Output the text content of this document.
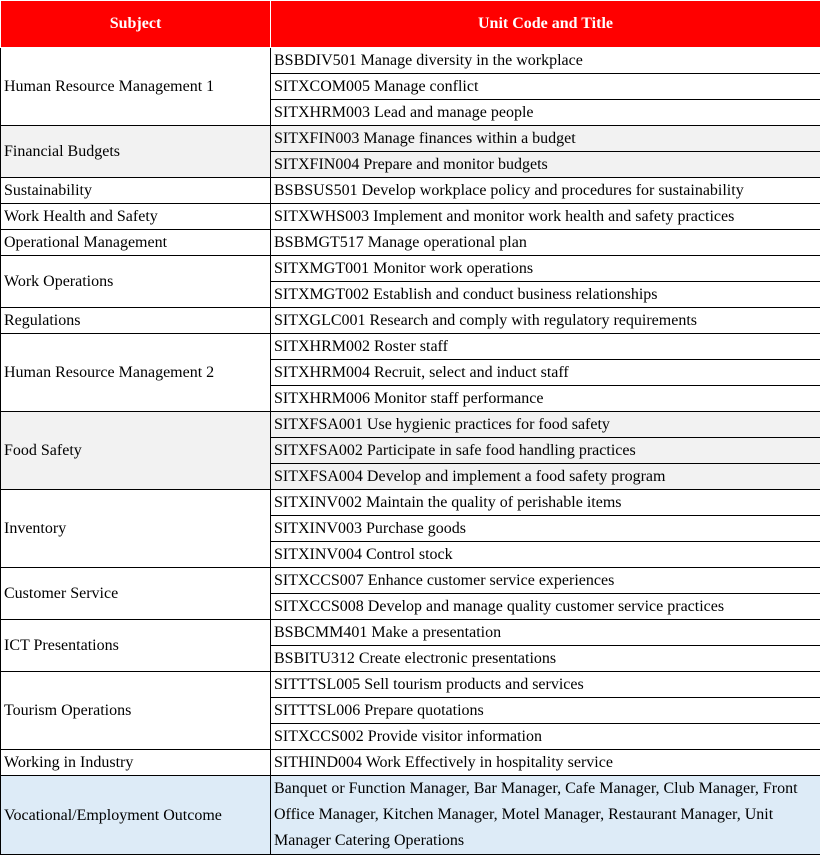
Subject	Unit Code and Title
Human Resource Management 1	BSBDIV501 Manage diversity in the workplace
	SITXCOM005 Manage conflict
	SITXHRM003 Lead and manage people
Financial Budgets	SITXFIN003 Manage finances within a budget
	SITXFIN004 Prepare and monitor budgets
Sustainability	BSBSUS501 Develop workplace policy and procedures for sustainability
Work Health and Safety	SITXWHS003 Implement and monitor work health and safety practices
Operational Management	BSBMGT517 Manage operational plan
Work Operations	SITXMGT001 Monitor work operations
	SITXMGT002 Establish and conduct business relationships
Regulations	SITXGLC001 Research and comply with regulatory requirements
Human Resource Management 2	SITXHRM002 Roster staff
	SITXHRM004 Recruit, select and induct staff
	SITXHRM006 Monitor staff performance
Food Safety	SITXFSA001 Use hygienic practices for food safety
	SITXFSA002 Participate in safe food handling practices
	SITXFSA004 Develop and implement a food safety program
Inventory	SITXINV002 Maintain the quality of perishable items
	SITXINV003 Purchase goods
	SITXINV004 Control stock
Customer Service	SITXCCS007 Enhance customer service experiences
	SITXCCS008 Develop and manage quality customer service practices
ICT Presentations	BSBCMM401 Make a presentation
	BSBITU312 Create electronic presentations
Tourism Operations	SITTTSL005 Sell tourism products and services
	SITTTSL006 Prepare quotations
	SITXCCS002 Provide visitor information
Working in Industry	SITHIND004 Work Effectively in hospitality service
Vocational/Employment Outcome	Banquet or Function Manager, Bar Manager, Cafe Manager, Club Manager, Front Office Manager, Kitchen Manager, Motel Manager, Restaurant Manager, Unit Manager Catering Operations
